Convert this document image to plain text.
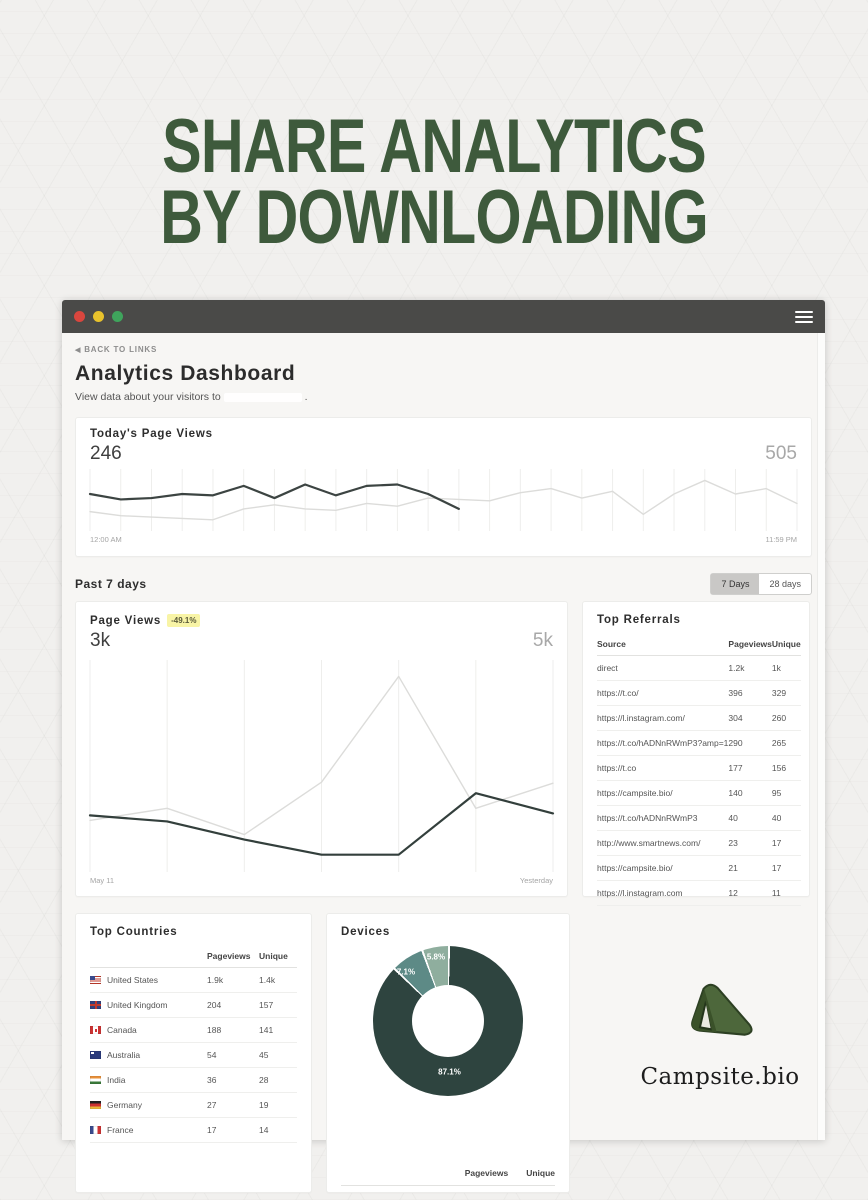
SHARE ANALYTICS
BY DOWNLOADING
◀ BACK TO LINKS
Analytics Dashboard
View data about your visitors to	.
Today's Page Views
246	505
12:00 AM	11:59 PM
Past 7 days	7 Days	28 days
Page Views	-49.1%
3k	5k
May 11	Yesterday
Top Referrals
Source	Pageviews	Unique
direct	1.2k	1k
https://t.co/	396	329
https://l.instagram.com/	304	260
https://t.co/hADNnRWmP3?amp=1	290	265
https://t.co	177	156
https://campsite.bio/	140	95
https://t.co/hADNnRWmP3	40	40
http://www.smartnews.com/	23	17
https://campsite.bio/	21	17
https://l.instagram.com	12	11
Top Countries
	Pageviews	Unique
United States	1.9k	1.4k
United Kingdom	204	157
Canada	188	141
Australia	54	45
India	36	28
Germany	27	19
France	17	14
Devices
87.1%
7.1%
5.8%
Pageviews Unique
Campsite.bio
